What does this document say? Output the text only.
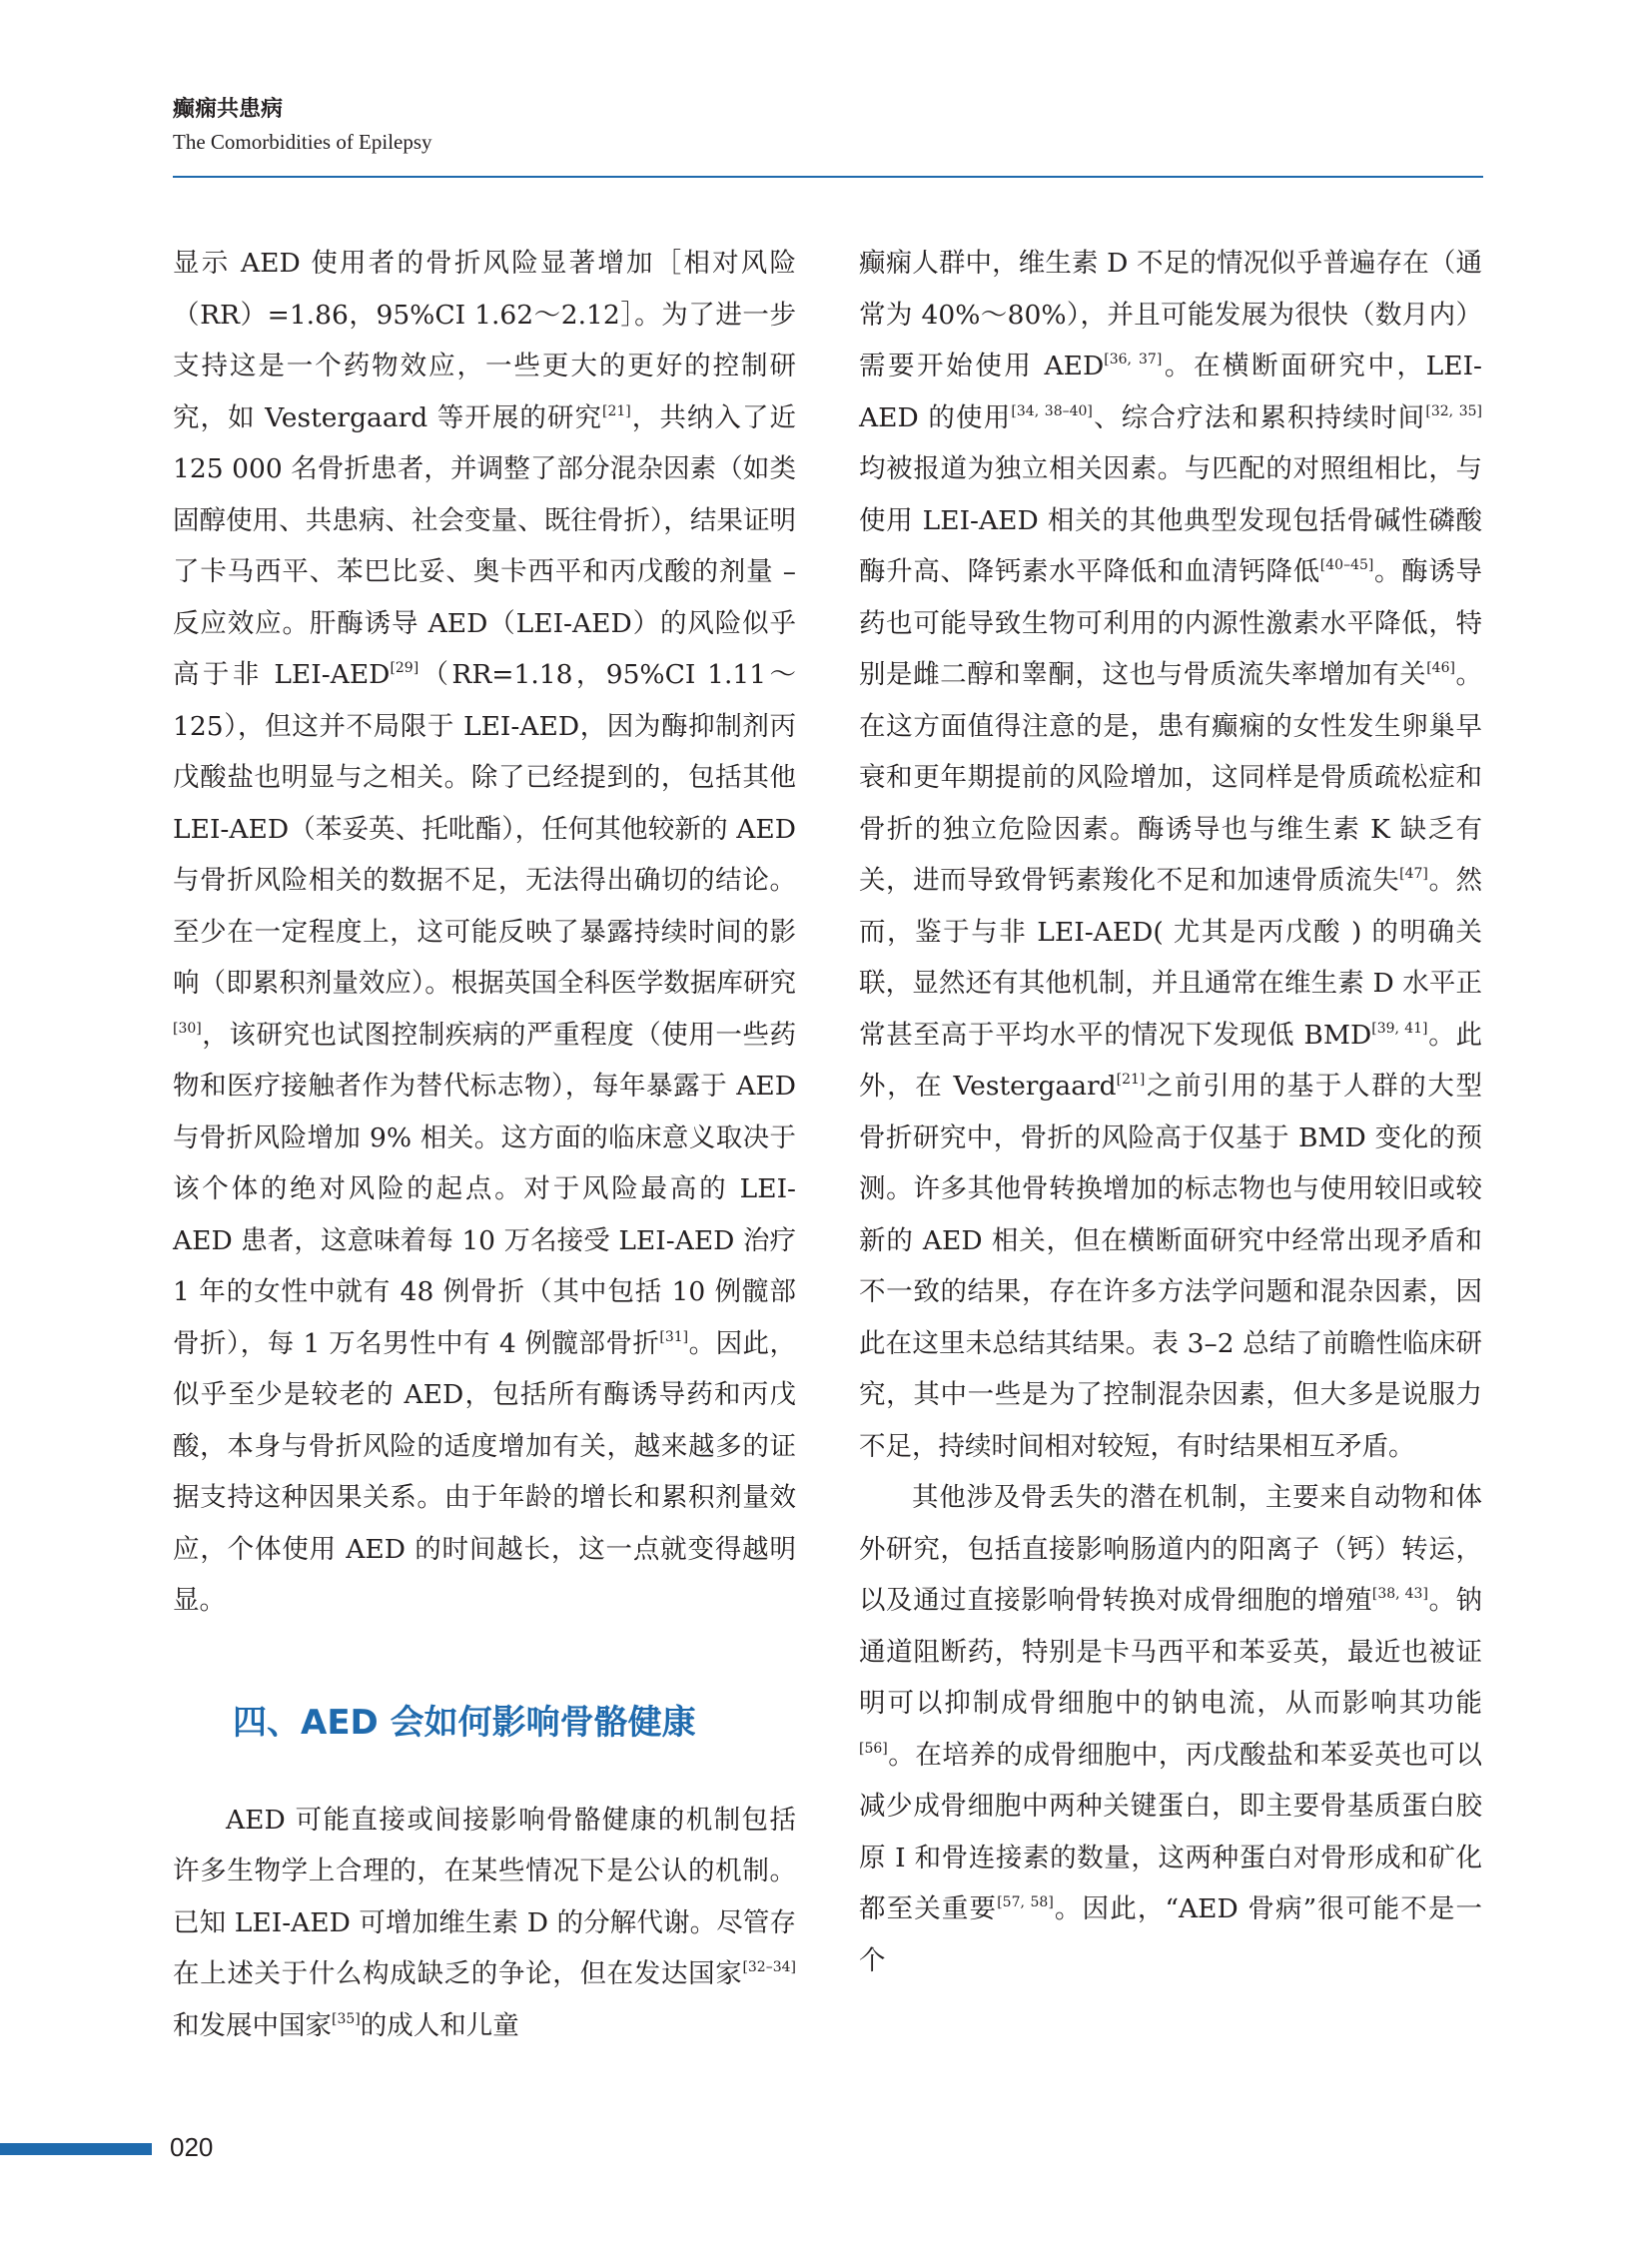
癫痫共患病
The Comorbidities of Epilepsy

显示 AED 使用者的骨折风险显著增加［相对风险（RR）=1.86，95%CI 1.62～2.12］。为了进一步支持这是一个药物效应，一些更大的更好的控制研究，如 Vestergaard 等开展的研究[21]，共纳入了近 125 000 名骨折患者，并调整了部分混杂因素（如类固醇使用、共患病、社会变量、既往骨折），结果证明了卡马西平、苯巴比妥、奥卡西平和丙戊酸的剂量 – 反应效应。肝酶诱导 AED（LEI-AED）的风险似乎高于非 LEI-AED[29]（RR=1.18，95%CI 1.11～125），但这并不局限于 LEI-AED，因为酶抑制剂丙戊酸盐也明显与之相关。除了已经提到的，包括其他 LEI-AED（苯妥英、托吡酯），任何其他较新的 AED 与骨折风险相关的数据不足，无法得出确切的结论。至少在一定程度上，这可能反映了暴露持续时间的影响（即累积剂量效应）。根据英国全科医学数据库研究[30]，该研究也试图控制疾病的严重程度（使用一些药物和医疗接触者作为替代标志物），每年暴露于 AED 与骨折风险增加 9% 相关。这方面的临床意义取决于该个体的绝对风险的起点。对于风险最高的 LEI-AED 患者，这意味着每 10 万名接受 LEI-AED 治疗 1 年的女性中就有 48 例骨折（其中包括 10 例髋部骨折），每 1 万名男性中有 4 例髋部骨折[31]。因此，似乎至少是较老的 AED，包括所有酶诱导药和丙戊酸，本身与骨折风险的适度增加有关，越来越多的证据支持这种因果关系。由于年龄的增长和累积剂量效应，个体使用 AED 的时间越长，这一点就变得越明显。

四、AED 会如何影响骨骼健康

AED 可能直接或间接影响骨骼健康的机制包括许多生物学上合理的，在某些情况下是公认的机制。已知 LEI-AED 可增加维生素 D 的分解代谢。尽管存在上述关于什么构成缺乏的争论，但在发达国家[32–34]和发展中国家[35]的成人和儿童

癫痫人群中，维生素 D 不足的情况似乎普遍存在（通常为 40%～80%），并且可能发展为很快（数月内）需要开始使用 AED[36, 37]。在横断面研究中，LEI-AED 的使用[34, 38–40]、综合疗法和累积持续时间[32, 35]均被报道为独立相关因素。与匹配的对照组相比，与使用 LEI-AED 相关的其他典型发现包括骨碱性磷酸酶升高、降钙素水平降低和血清钙降低[40–45]。酶诱导药也可能导致生物可利用的内源性激素水平降低，特别是雌二醇和睾酮，这也与骨质流失率增加有关[46]。在这方面值得注意的是，患有癫痫的女性发生卵巢早衰和更年期提前的风险增加，这同样是骨质疏松症和骨折的独立危险因素。酶诱导也与维生素 K 缺乏有关，进而导致骨钙素羧化不足和加速骨质流失[47]。然而，鉴于与非 LEI-AED( 尤其是丙戊酸 ) 的明确关联，显然还有其他机制，并且通常在维生素 D 水平正常甚至高于平均水平的情况下发现低 BMD[39, 41]。此外，在 Vestergaard[21]之前引用的基于人群的大型骨折研究中，骨折的风险高于仅基于 BMD 变化的预测。许多其他骨转换增加的标志物也与使用较旧或较新的 AED 相关，但在横断面研究中经常出现矛盾和不一致的结果，存在许多方法学问题和混杂因素，因此在这里未总结其结果。表 3–2 总结了前瞻性临床研究，其中一些是为了控制混杂因素，但大多是说服力不足，持续时间相对较短，有时结果相互矛盾。

其他涉及骨丢失的潜在机制，主要来自动物和体外研究，包括直接影响肠道内的阳离子（钙）转运，以及通过直接影响骨转换对成骨细胞的增殖[38, 43]。钠通道阻断药，特别是卡马西平和苯妥英，最近也被证明可以抑制成骨细胞中的钠电流，从而影响其功能[56]。在培养的成骨细胞中，丙戊酸盐和苯妥英也可以减少成骨细胞中两种关键蛋白，即主要骨基质蛋白胶原 I 和骨连接素的数量，这两种蛋白对骨形成和矿化都至关重要[57, 58]。因此，“AED 骨病”很可能不是一个

020
